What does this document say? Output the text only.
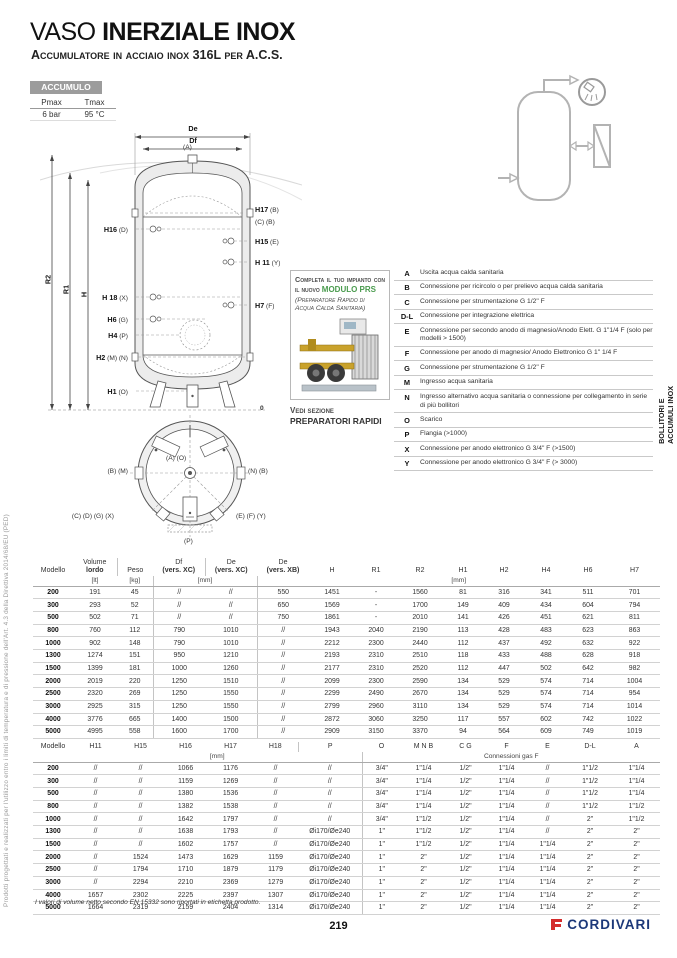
Prodotti progettati e realizzati per l'utilizzo entro i limiti di temperatura e di pressione dell'Art. 4.3 della Direttiva 2014/68/EU (PED)
BOLLITORI E ACCUMULI INOX
VASO INERZIALE INOX
Accumulatore in acciaio inox 316L per A.C.S.
ACCUMULO
Pmax	Tmax
6 bar	95 °C
De
Df
(A)
R2
R1
H
0
H16 (D)
H 18 (X)
H6 (G)
H4 (P)
H2 (M) (N)
H1 (O)
H17 (B)
(C) (B)
H15 (E)
H 11 (Y)
H7 (F)
(A) (O)
(B) (M)	(N) (B)
(C) (D) (G) (X)	(E) (F) (Y)
(P)
Completa il tuo impianto con il nuovo MODULO PRS
(Preparatore Rapido di Acqua Calda Sanitaria)
Vedi sezione
PREPARATORI RAPIDI
A	Uscita acqua calda sanitaria
B	Connessione per ricircolo o per prelievo acqua calda sanitaria
C	Connessione per strumentazione G 1/2" F
D-L	Connessione per integrazione elettrica
E	Connessione per secondo anodo di magnesio/Anodo Elett. G 1"1/4 F (solo per modelli > 1500)
F	Connessione per anodo di magnesio/ Anodo Elettronico G 1" 1/4 F
G	Connessione per strumentazione G 1/2" F
M	Ingresso acqua sanitaria
N	Ingresso alternativo acqua sanitaria o connessione per collegamento in serie di più bollitori
O	Scarico
P	Flangia (>1000)
X	Connessione per anodo elettronico G 3/4" F (>1500)
Y	Connessione per anodo elettronico G 3/4" F (> 3000)
Modello

Volume
lordo	Peso

Df
(vers. XC)

De
(vers. XC)

De
(vers. XB)	H	R1	R2	H1	H2	H4	H6	H7

	[lt]	[kg]	[mm]		[mm]								
200	191	45	//	//	550	1451	-	1560	81	316	341	511	701
300	293	52	//	//	650	1569	-	1700	149	409	434	604	794
500	502	71	//	//	750	1861	-	2010	141	426	451	621	811
800	760	112	790	1010	//	1943	2040	2190	113	428	483	623	863
1000	902	148	790	1010	//	2212	2300	2440	112	437	492	632	922
1300	1274	151	950	1210	//	2193	2310	2510	118	433	488	628	918
1500	1399	181	1000	1260	//	2177	2310	2520	112	447	502	642	982
2000	2019	220	1250	1510	//	2099	2300	2590	134	529	574	714	1004
2500	2320	269	1250	1550	//	2299	2490	2670	134	529	574	714	954
3000	2925	315	1250	1550	//	2799	2960	3110	134	529	574	714	1014
4000	3776	665	1400	1500	//	2872	3060	3250	117	557	602	742	1022
5000	4995	558	1600	1700	//	2909	3150	3370	94	564	609	749	1019
Modello	H11	H15	H16	H17	H18	P	O	M N B	C G	F	E	D-L	A

	[mm]						Connessioni gas F						
200	//	//	1066	1176	//	//	3/4"	1"1/4	1/2"	1"1/4	//	1"1/2	1"1/4
300	//	//	1159	1269	//	//	3/4"	1"1/4	1/2"	1"1/4	//	1"1/2	1"1/4
500	//	//	1380	1536	//	//	3/4"	1"1/4	1/2"	1"1/4	//	1"1/2	1"1/4
800	//	//	1382	1538	//	//	3/4"	1"1/4	1/2"	1"1/4	//	1"1/2	1"1/2
1000	//	//	1642	1797	//	//	3/4"	1"1/2	1/2"	1"1/4	//	2"	1"1/2
1300	//	//	1638	1793	//	Øi170/Øe240	1"	1"1/2	1/2"	1"1/4	//	2"	2"
1500	//	//	1602	1757	//	Øi170/Øe240	1"	1"1/2	1/2"	1"1/4	1"1/4	2"	2"
2000	//	1524	1473	1629	1159	Øi170/Øe240	1"	2"	1/2"	1"1/4	1"1/4	2"	2"
2500	//	1794	1710	1879	1179	Øi170/Øe240	1"	2"	1/2"	1"1/4	1"1/4	2"	2"
3000	//	2294	2210	2369	1279	Øi170/Øe240	1"	2"	1/2"	1"1/4	1"1/4	2"	2"
4000	1657	2302	2225	2397	1307	Øi170/Øe240	1"	2"	1/2"	1"1/4	1"1/4	2"	2"
5000	1664	2319	2159	2404	1314	Øi170/Øe240	1"	2"	1/2"	1"1/4	1"1/4	2"	2"
I valori di volume netto secondo EN 15332 sono riportati in etichetta prodotto.
219	CORDIVARI
